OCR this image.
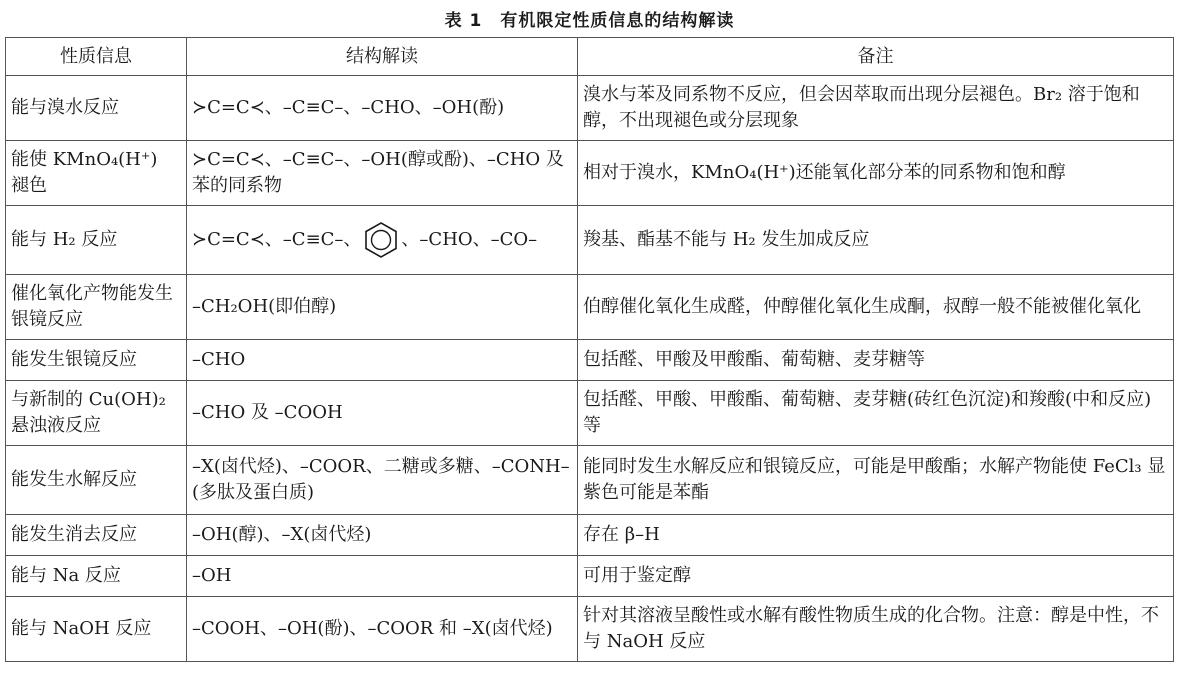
表 1　有机限定性质信息的结构解读
性质信息	结构解读	备注
能与溴水反应	≻C=C≺、–C≡C–、–CHO、–OH(酚)	溴水与苯及同系物不反应，但会因萃取而出现分层褪色。Br₂ 溶于饱和醇，不出现褪色或分层现象
能使 KMnO₄(H⁺) 褪色	≻C=C≺、–C≡C–、–OH(醇或酚)、–CHO 及苯的同系物	相对于溴水，KMnO₄(H⁺)还能氧化部分苯的同系物和饱和醇
能与 H₂ 反应	≻C=C≺、–C≡C–、 、–CHO、–CO–	羧基、酯基不能与 H₂ 发生加成反应
催化氧化产物能发生银镜反应	–CH₂OH(即伯醇)	伯醇催化氧化生成醛，仲醇催化氧化生成酮，叔醇一般不能被催化氧化
能发生银镜反应	–CHO	包括醛、甲酸及甲酸酯、葡萄糖、麦芽糖等
与新制的 Cu(OH)₂ 悬浊液反应	–CHO 及 –COOH	包括醛、甲酸、甲酸酯、葡萄糖、麦芽糖(砖红色沉淀)和羧酸(中和反应)等
能发生水解反应	–X(卤代烃)、–COOR、二糖或多糖、–CONH–(多肽及蛋白质)	能同时发生水解反应和银镜反应，可能是甲酸酯；水解产物能使 FeCl₃ 显紫色可能是苯酯
能发生消去反应	–OH(醇)、–X(卤代烃)	存在 β–H
能与 Na 反应	–OH	可用于鉴定醇
能与 NaOH 反应	–COOH、–OH(酚)、–COOR 和 –X(卤代烃)	针对其溶液呈酸性或水解有酸性物质生成的化合物。注意：醇是中性，不与 NaOH 反应
